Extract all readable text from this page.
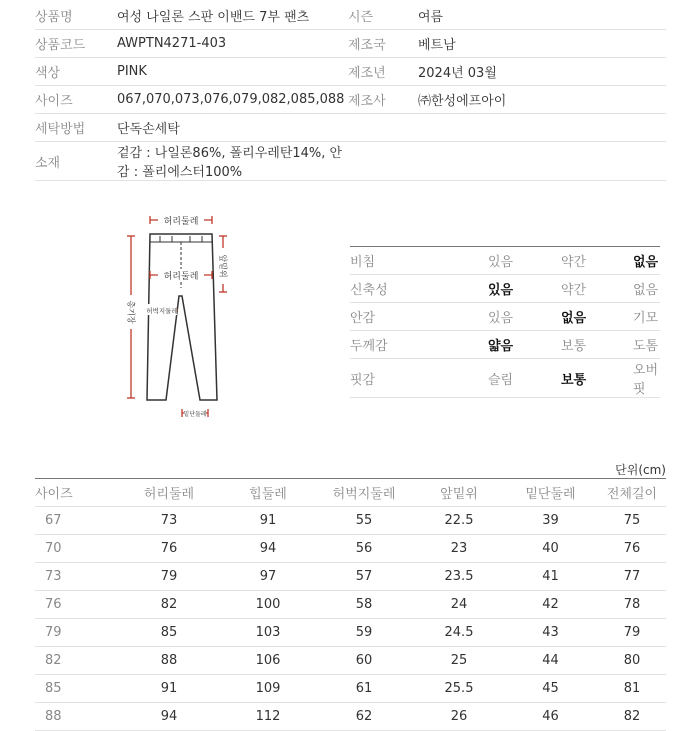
상품명	여성 나일론 스판 이밴드 7부 팬츠	시즌	여름
상품코드	AWPTN4271-403	제조국	베트남
색상	PINK	제조년	2024년 03월
사이즈	067,070,073,076,079,082,085,088	제조사	㈜한성에프아이
세탁방법	단독손세탁		
소재	겉감 : 나일론86%, 폴리우레탄14%, 안감 : 폴리에스터100%		
허리둘레
허리둘레	앞밑위
총기장 허벅지둘레
밑단둘레
비침	있음	약간	없음
신축성	있음	약간	없음
안감	있음	없음	기모
두께감	얇음	보통	도톰
핏감	슬림	보통	오버핏
단위(cm)
사이즈	허리둘레	힙둘레	허벅지둘레	앞밑위	밑단둘레	전체길이
67	73	91	55	22.5	39	75
70	76	94	56	23	40	76
73	79	97	57	23.5	41	77
76	82	100	58	24	42	78
79	85	103	59	24.5	43	79
82	88	106	60	25	44	80
85	91	109	61	25.5	45	81
88	94	112	62	26	46	82
